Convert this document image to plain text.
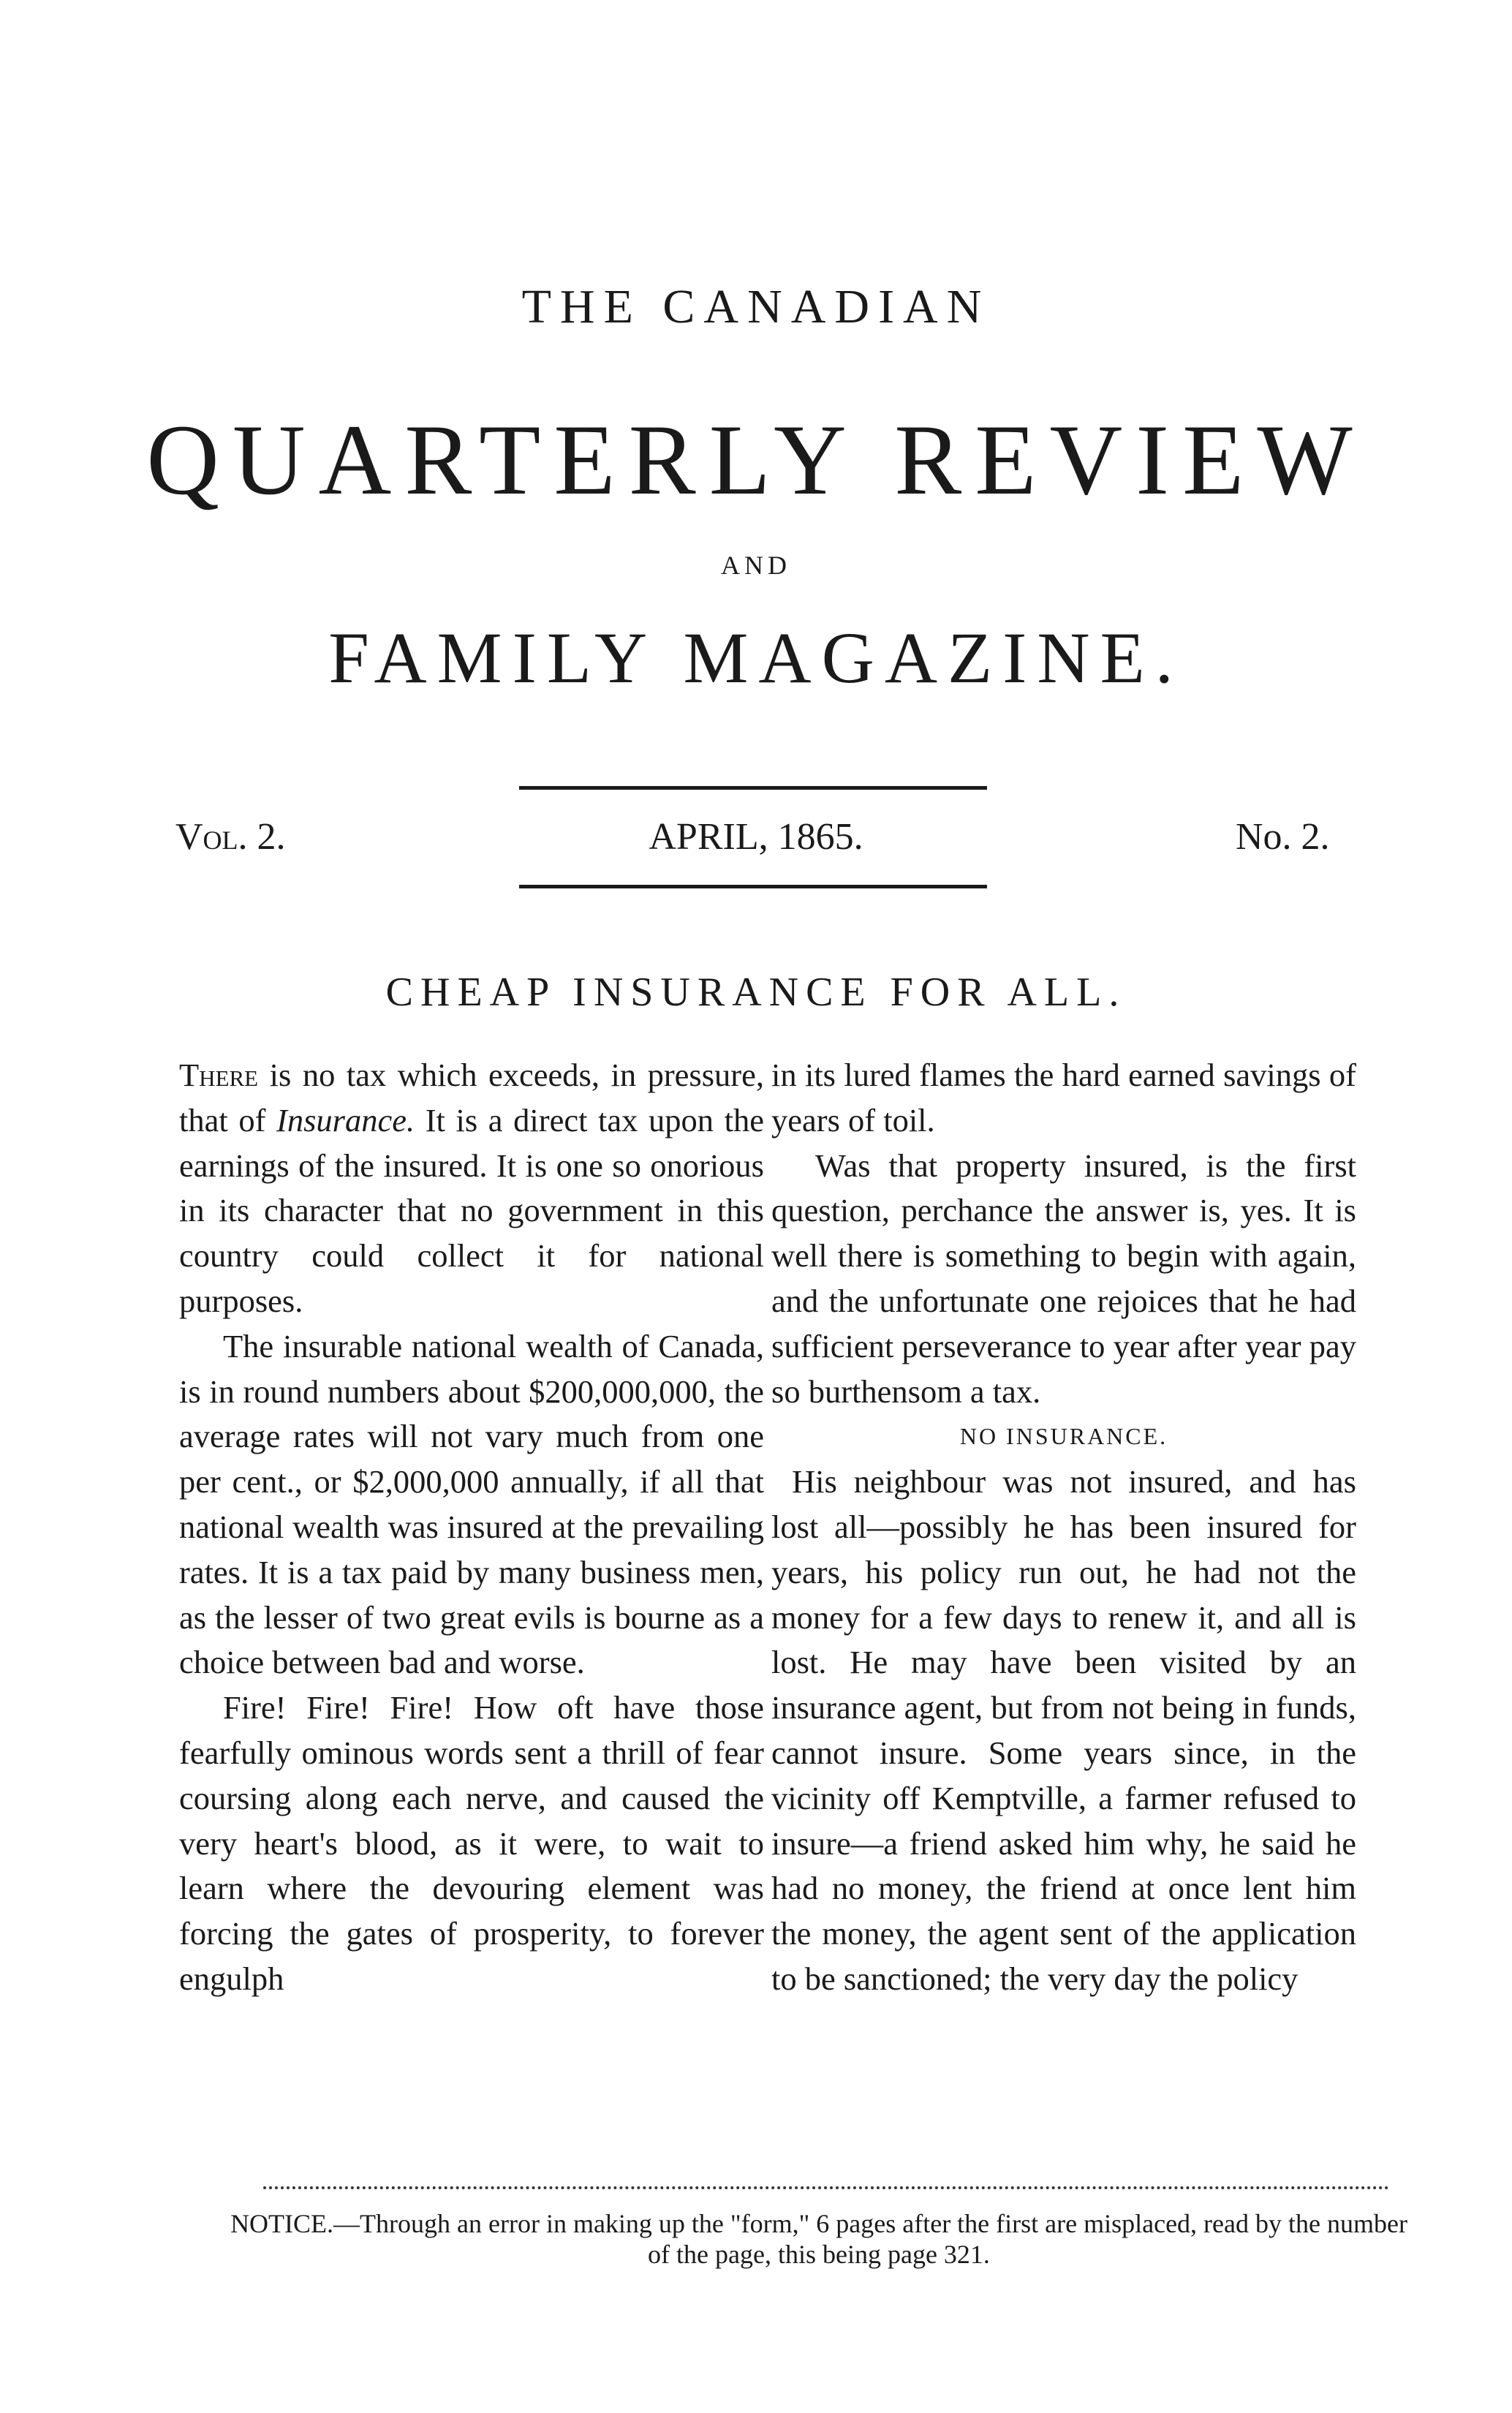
THE CANADIAN
QUARTERLY REVIEW
AND
FAMILY MAGAZINE.
Vol. 2.	APRIL, 1865.	No. 2.
CHEAP INSURANCE FOR ALL.

There is no tax which exceeds, in pressure, that of Insurance. It is a direct tax upon the earnings of the insured. It is one so onorious in its character that no government in this country could collect it for national purposes.

The insurable national wealth of Canada, is in round numbers about $200,000,000, the average rates will not vary much from one per cent., or $2,000,000 annually, if all that national wealth was insured at the prevailing rates. It is a tax paid by many business men, as the lesser of two great evils is bourne as a choice between bad and worse.

Fire! Fire! Fire! How oft have those fearfully ominous words sent a thrill of fear coursing along each nerve, and caused the very heart's blood, as it were, to wait to learn where the devouring element was forcing the gates of prosperity, to forever engulph

in its lured flames the hard earned savings of years of toil.

Was that property insured, is the first question, perchance the answer is, yes. It is well there is something to begin with again, and the unfortunate one rejoices that he had sufficient perseverance to year after year pay so burthensom a tax.

NO INSURANCE.

His neighbour was not insured, and has lost all—possibly he has been insured for years, his policy run out, he had not the money for a few days to renew it, and all is lost. He may have been visited by an insurance agent, but from not being in funds, cannot insure. Some years since, in the vicinity off Kemptville, a farmer refused to insure—a friend asked him why, he said he had no money, the friend at once lent him the money, the agent sent of the application to be sanctioned; the very day the policy

NOTICE.—Through an error in making up the "form," 6 pages after the first are misplaced, read by the number of the page, this being page 321.
